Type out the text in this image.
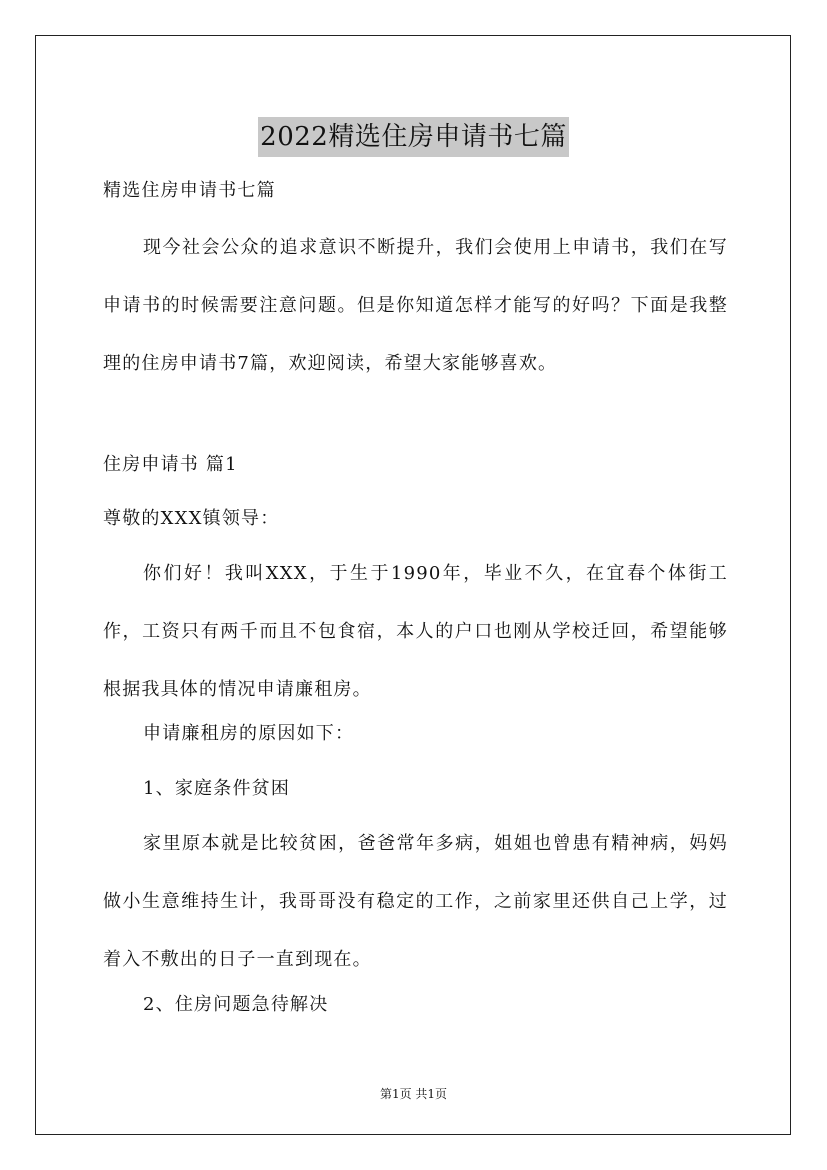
2022精选住房申请书七篇

精选住房申请书七篇

现今社会公众的追求意识不断提升，我们会使用上申请书，我们在写申请书的时候需要注意问题。但是你知道怎样才能写的好吗？下面是我整理的住房申请书7篇，欢迎阅读，希望大家能够喜欢。

住房申请书 篇1

尊敬的XXX镇领导：

你们好！我叫XXX，于生于1990年，毕业不久，在宜春个体街工作，工资只有两千而且不包食宿，本人的户口也刚从学校迁回，希望能够根据我具体的情况申请廉租房。

申请廉租房的原因如下：

1、家庭条件贫困

家里原本就是比较贫困，爸爸常年多病，姐姐也曾患有精神病，妈妈做小生意维持生计，我哥哥没有稳定的工作，之前家里还供自己上学，过着入不敷出的日子一直到现在。

2、住房问题急待解决

第1页 共1页
